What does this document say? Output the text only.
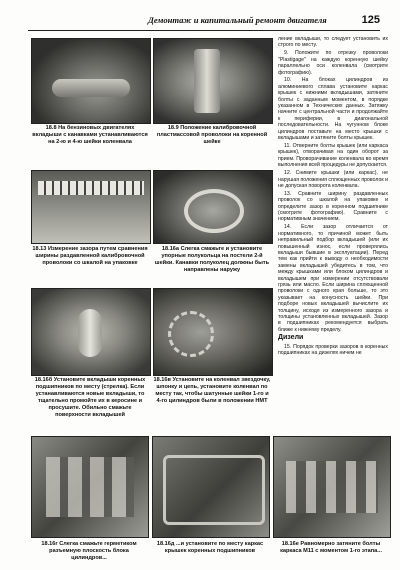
Демонтаж и капитальный ремонт двигателя	125
18.8 На бензиновых двигателях вкладыши с канавками устанавливаются на 2-ю и 4-ю шейки коленвала
18.9 Положение калибровочной пластмассовой проволоки на коренной шейке
18.13 Измерение зазора путем сравнения ширины раздавленной калибровочной проволоки со шкалой на упаковке
18.16а Слегка смажьте и установите упорные полукольца на постели 2-й шейки. Канавки полуколец должны быть направлены наружу
18.16б Установите вкладыши коренных подшипников по месту (стрелка). Если устанавливаются новые вкладыши, то тщательно промойте их в керосине и просушите. Обильно смажьте поверхности вкладышей
18.16в Установите на коленвал звездочку, шпонку и цепь, установите коленвал по месту так, чтобы шатунные шейки 1-го и 4-го цилиндров были в положении НМТ
18.16г Слегка смажьте герметиком разъемную плоскость блока цилиндров...
18.16д ...и установите по месту каркас крышек коренных подшипников
18.16е Равномерно затяните болты каркаса М11 с моментом 1-го этапа...

ление вкладыши, то следует установить их строго по месту.

9. Положите по отрезку проволоки "Plastigage" на каждую коренную шейку параллельно оси коленвала (смотрите фотографию).

10. На блоках цилиндров из алюминиевого сплава установите каркас крышек с нижними вкладышами, затяните болты с заданным моментом, в порядке указанном в Технических данных. Затяжку начните с центральной части и продолжайте к периферии, в диагональной последовательности. На чугунном блоке цилиндров поставьте на место крышки с вкладышами и затяните болты крышек.

11. Отверните болты крышек (или каркаса крышек), отворачивая на один оборот за прием. Проворачивание коленвала во время выполнения всей процедуры не допускается.

12. Снимите крышки (или каркас), не нарушая положения сплющенных проволок и не допуская поворота коленвала.

13. Сравните ширину раздавленных проволок со шкалой на упаковке и определите зазор в коренном подшипнике (смотрите фотографию). Сравните с нормативным значением.

14. Если зазор отличается от нормативного, то причиной может быть неправильный подбор вкладышей (или их повышенный износ, если проверялись вкладыши бывшие в эксплуатации). Перед тем как прийти к выводу о необходимости замены вкладышей убедитесь в том, что между крышками или блоком цилиндров и вкладышем при измерении отсутствовали грязь или масло. Если ширина сплющенной проволоки с одного края больше, то это указывает на конусность шейки. При подборе новых вкладышей вычислите их толщину, исходя из измеренного зазора и толщины установленных вкладышей. Зазор в подшипниках рекомендуется выбрать ближе к нижнему пределу.

Дизели

15. Порядок проверки зазоров в коренных подшипниках на дизелях ничем не
